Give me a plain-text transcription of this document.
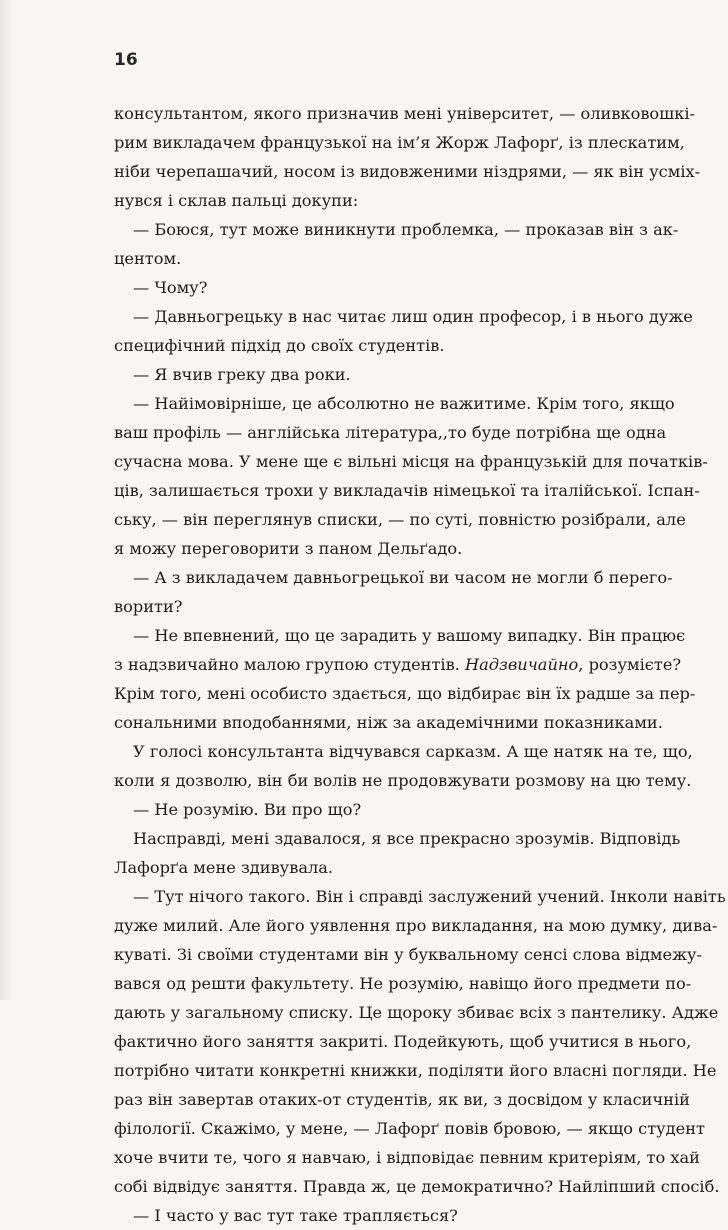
16
консультантом, якого призначив мені університет, — оливковошкі-
рим викладачем французької на ім’я Жорж Лафорґ, із плескатим,
ніби черепашачий, носом із видовженими ніздрями, — як він усміх-
нувся і склав пальці докупи:
— Боюся, тут може виникнути проблемка, — проказав він з ак-
центом.
— Чому?
— Давньогрецьку в нас читає лиш один професор, і в нього дуже
специфічний підхід до своїх студентів.
— Я вчив греку два роки.
— Найімовірніше, це абсолютно не важитиме. Крім того, якщо
ваш профіль — англійська література,,то буде потрібна ще одна
сучасна мова. У мене ще є вільні місця на французькій для початків-
ців, залишається трохи у викладачів німецької та італійської. Іспан-
ську, — він переглянув списки, — по суті, повністю розібрали, але
я можу переговорити з паном Дельґадо.
— А з викладачем давньогрецької ви часом не могли б перего-
ворити?
— Не впевнений, що це зарадить у вашому випадку. Він працює
з надзвичайно малою групою студентів. Надзвичайно, розумієте?
Крім того, мені особисто здається, що відбирає він їх радше за пер-
сональними вподобаннями, ніж за академічними показниками.
У голосі консультанта відчувався сарказм. А ще натяк на те, що,
коли я дозволю, він би волів не продовжувати розмову на цю тему.
— Не розумію. Ви про що?
Насправді, мені здавалося, я все прекрасно зрозумів. Відповідь
Лафорґа мене здивувала.
— Тут нічого такого. Він і справді заслужений учений. Інколи навіть
дуже милий. Але його уявлення про викладання, на мою думку, дива-
куваті. Зі своїми студентами він у буквальному сенсі слова відмежу-
вався од решти факультету. Не розумію, навіщо його предмети по-
дають у загальному списку. Це щороку збиває всіх з пантелику. Адже
фактично його заняття закриті. Подейкують, щоб учитися в нього,
потрібно читати конкретні книжки, поділяти його власні погляди. Не
раз він завертав отаких-от студентів, як ви, з досвідом у класичній
філології. Скажімо, у мене, — Лафорґ повів бровою, — якщо студент
хоче вчити те, чого я навчаю, і відповідає певним критеріям, то хай
собі відвідує заняття. Правда ж, це демократично? Найліпший спосіб.
— І часто у вас тут таке трапляється?
